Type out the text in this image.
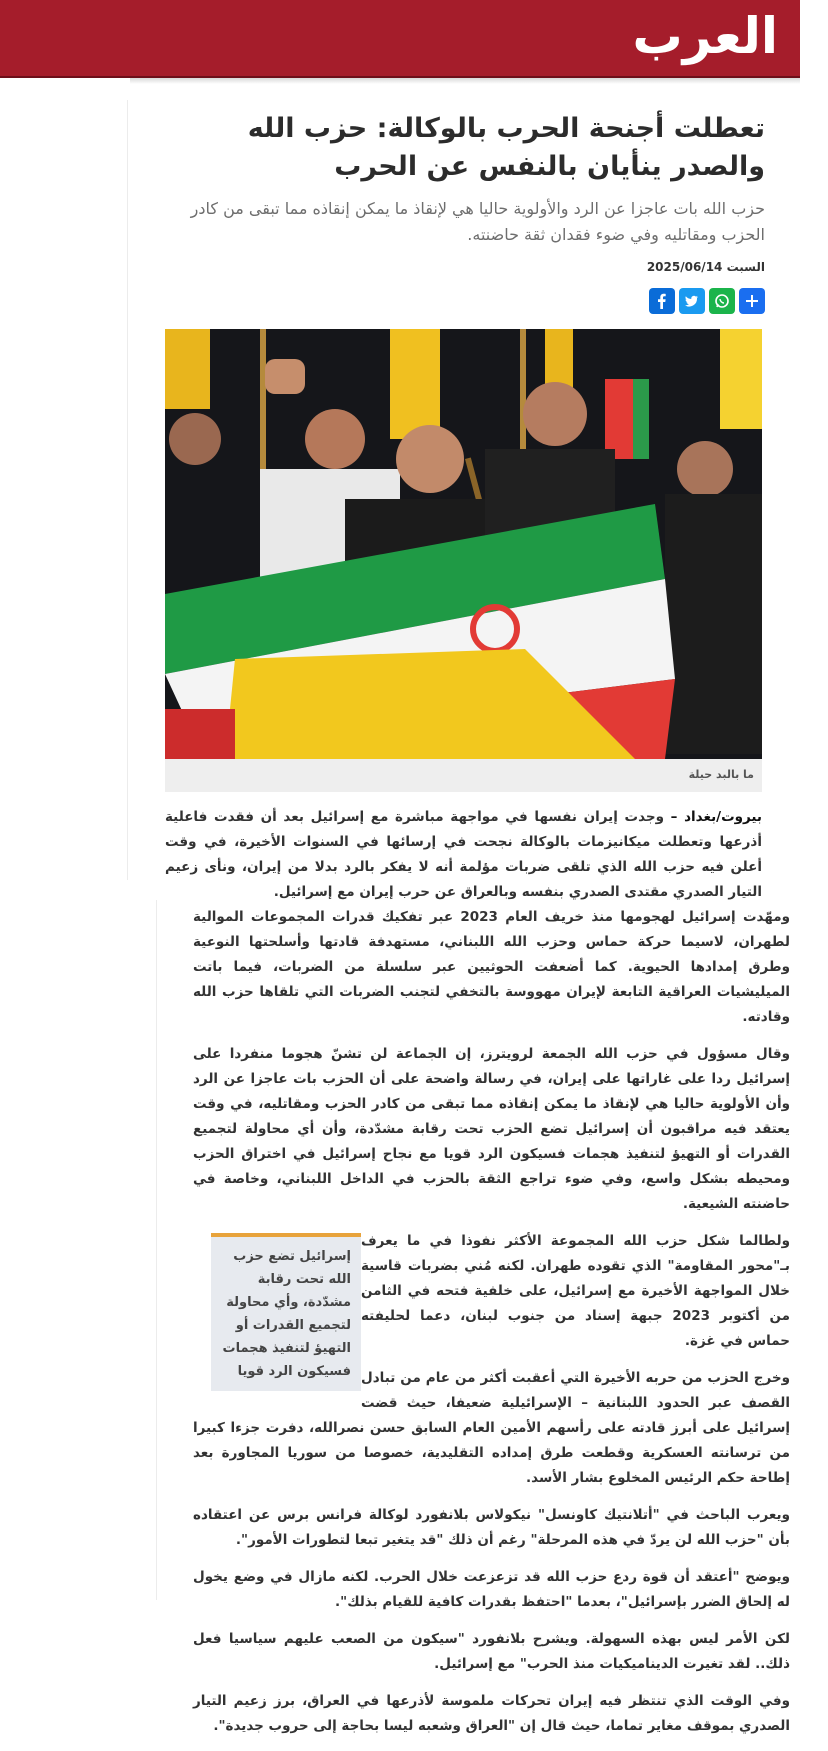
العرب
تعطلت أجنحة الحرب بالوكالة: حزب الله والصدر ينأيان بالنفس عن الحرب
حزب الله بات عاجزا عن الرد والأولوية حاليا هي لإنقاذ ما يمكن إنقاذه مما تبقى من كادر الحزب ومقاتليه وفي ضوء فقدان ثقة حاضنته.
السبت 2025/06/14
ما بالبد حيلة
بيروت/بغداد – وجدت إيران نفسها في مواجهة مباشرة مع إسرائيل بعد أن فقدت فاعلية أذرعها وتعطلت ميكانيزمات بالوكالة نجحت في إرسائها في السنوات الأخيرة، في وقت أعلن فيه حزب الله الذي تلقى ضربات مؤلمة أنه لا يفكر بالرد بدلا من إيران، ونأى زعيم التيار الصدري مقتدى الصدري بنفسه وبالعراق عن حرب إيران مع إسرائيل.

ومهّدت إسرائيل لهجومها منذ خريف العام 2023 عبر تفكيك قدرات المجموعات الموالية لطهران، لاسيما حركة حماس وحزب الله اللبناني، مستهدفة قادتها وأسلحتها النوعية وطرق إمدادها الحيوية. كما أضعفت الحوثيين عبر سلسلة من الضربات، فيما باتت الميليشيات العراقية التابعة لإيران مهووسة بالتخفي لتجنب الضربات التي تلقاها حزب الله وقادته.

وقال مسؤول في حزب الله الجمعة لرويترز، إن الجماعة لن تشنّ هجوما منفردا على إسرائيل ردا على غاراتها على إيران، في رسالة واضحة على أن الحزب بات عاجزا عن الرد وأن الأولوية حاليا هي لإنقاذ ما يمكن إنقاذه مما تبقى من كادر الحزب ومقاتليه، في وقت يعتقد فيه مراقبون أن إسرائيل تضع الحزب تحت رقابة مشدّدة، وأن أي محاولة لتجميع القدرات أو التهيؤ لتنفيذ هجمات فسيكون الرد قويا مع نجاح إسرائيل في اختراق الحزب ومحيطه بشكل واسع، وفي ضوء تراجع الثقة بالحزب في الداخل اللبناني، وخاصة في حاضنته الشيعية.

إسرائيل تضع حزب الله تحت رقابة مشدّدة، وأي محاولة لتجميع القدرات أو التهيؤ لتنفيذ هجمات فسيكون الرد قويا

ولطالما شكل حزب الله المجموعة الأكثر نفوذا في ما يعرف بـ"محور المقاومة" الذي تقوده طهران. لكنه مُني بضربات قاسية خلال المواجهة الأخيرة مع إسرائيل، على خلفية فتحه في الثامن من أكتوبر 2023 جبهة إسناد من جنوب لبنان، دعما لحليفته حماس في غزة.

وخرج الحزب من حربه الأخيرة التي أعقبت أكثر من عام من تبادل القصف عبر الحدود اللبنانية – الإسرائيلية ضعيفا، حيث قضت إسرائيل على أبرز قادته على رأسهم الأمين العام السابق حسن نصرالله، دفرت جزءا كبيرا من ترسانته العسكرية وقطعت طرق إمداده التقليدية، خصوصا من سوريا المجاورة بعد إطاحة حكم الرئيس المخلوع بشار الأسد.

ويعرب الباحث في "أتلانتيك كاونسل" نيكولاس بلانفورد لوكالة فرانس برس عن اعتقاده بأن "حزب الله لن يردّ في هذه المرحلة" رغم أن ذلك "قد يتغير تبعا لتطورات الأمور".

ويوضح "أعتقد أن قوة ردع حزب الله قد تزعزعت خلال الحرب. لكنه مازال في وضع يخول له إلحاق الضرر بإسرائيل"، بعدما "احتفظ بقدرات كافية للقيام بذلك".

لكن الأمر ليس بهذه السهولة. ويشرح بلانفورد "سيكون من الصعب عليهم سياسيا فعل ذلك.. لقد تغيرت الديناميكيات منذ الحرب" مع إسرائيل.

وفي الوقت الذي تنتظر فيه إيران تحركات ملموسة لأذرعها في العراق، برز زعيم التيار الصدري بموقف مغاير تماما، حيث قال إن "العراق وشعبه ليسا بحاجة إلى حروب جديدة".
